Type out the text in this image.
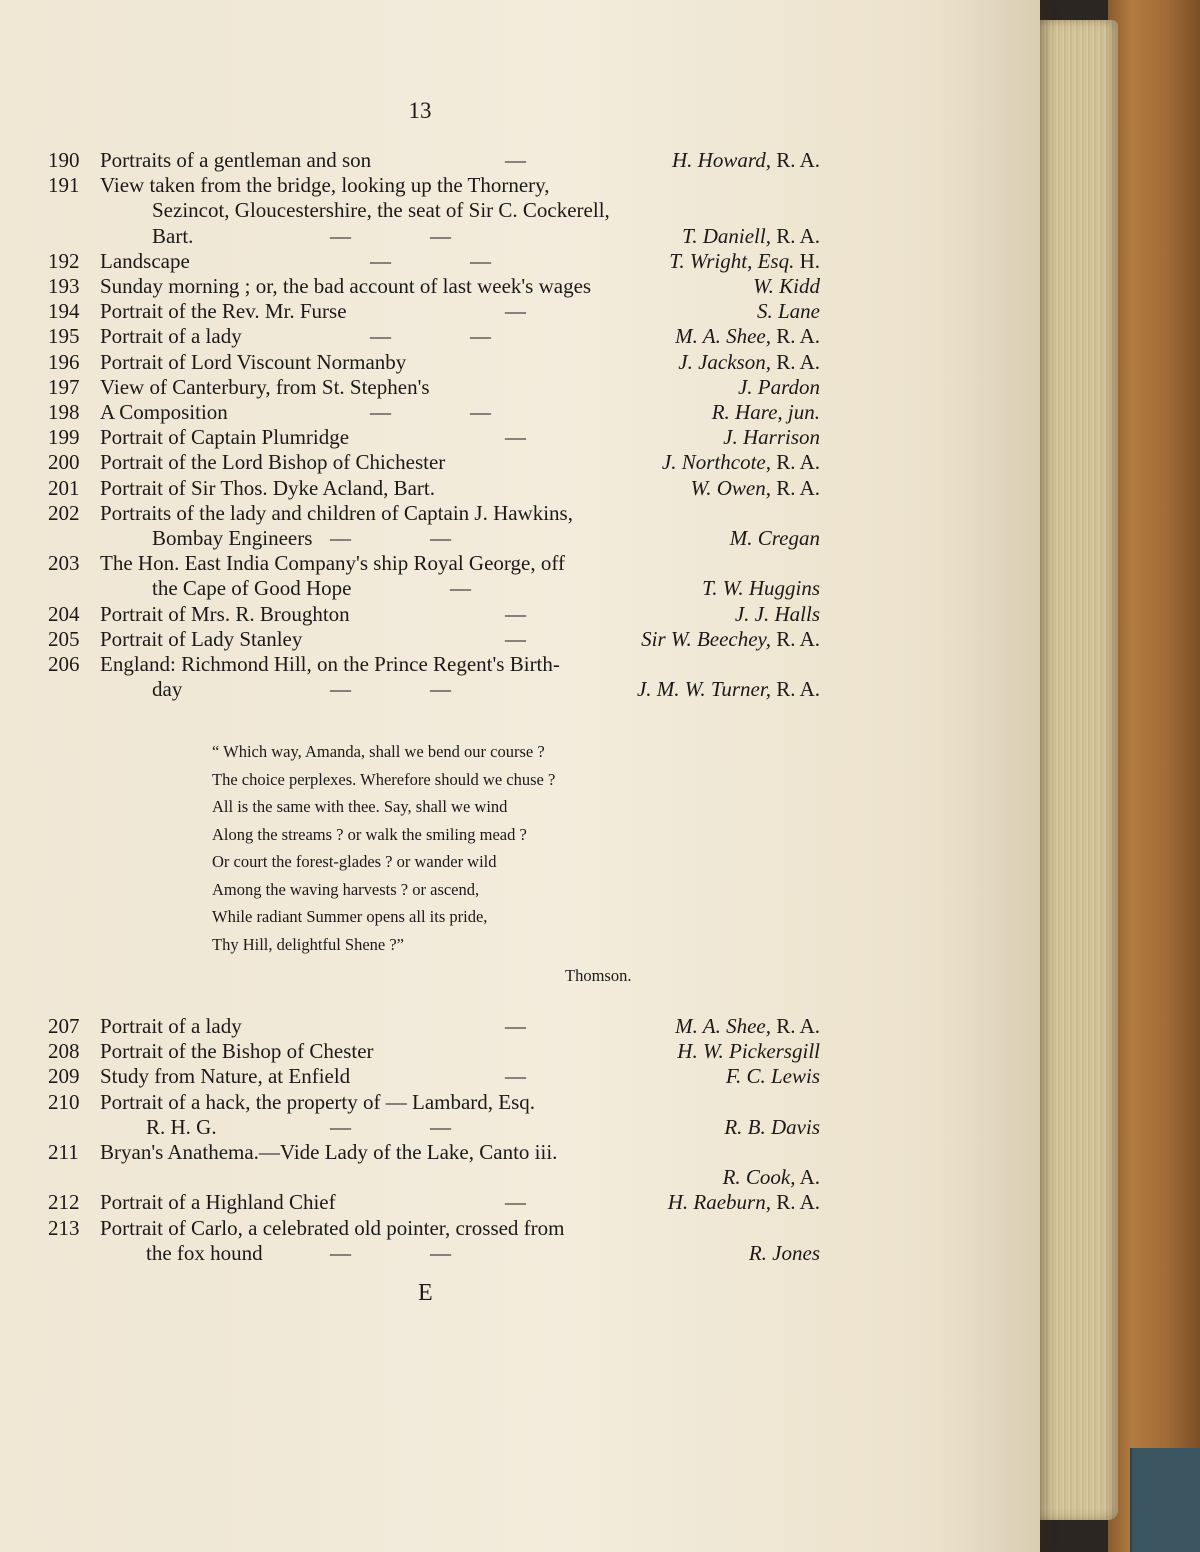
13
E
190 Portraits of a gentleman and son	—	H. Howard, R. A.
191 View taken from the bridge, looking up the Thornery,
Sezincot, Gloucestershire, the seat of Sir C. Cockerell,
Bart.	—	—	T. Daniell, R. A.
192 Landscape	—	—	T. Wright, Esq. H.
193 Sunday morning ; or, the bad account of last week's wages	W. Kidd
194 Portrait of the Rev. Mr. Furse	—	S. Lane
195 Portrait of a lady	—	—	M. A. Shee, R. A.
196 Portrait of Lord Viscount Normanby	J. Jackson, R. A.
197 View of Canterbury, from St. Stephen's	J. Pardon
198 A Composition	—	—	R. Hare, jun.
199 Portrait of Captain Plumridge	—	J. Harrison
200 Portrait of the Lord Bishop of Chichester	J. Northcote, R. A.
201 Portrait of Sir Thos. Dyke Acland, Bart.	W. Owen, R. A.
202 Portraits of the lady and children of Captain J. Hawkins,
Bombay Engineers —	—	M. Cregan
203 The Hon. East India Company's ship Royal George, off
the Cape of Good Hope	—	T. W. Huggins
204 Portrait of Mrs. R. Broughton	—	J. J. Halls
205 Portrait of Lady Stanley	—	Sir W. Beechey, R. A.
206 England: Richmond Hill, on the Prince Regent's Birth-
day	—	—	J. M. W. Turner, R. A.
207 Portrait of a lady	—	M. A. Shee, R. A.
208 Portrait of the Bishop of Chester	H. W. Pickersgill
209 Study from Nature, at Enfield	—	F. C. Lewis
210 Portrait of a hack, the property of — Lambard, Esq.
R. H. G.	—	—	R. B. Davis
211	Bryan's Anathema.—Vide Lady of the Lake, Canto iii.
R. Cook, A.
212 Portrait of a Highland Chief	—	H. Raeburn, R. A.
213 Portrait of Carlo, a celebrated old pointer, crossed from
the fox hound	—	—	R. Jones
“ Which way, Amanda, shall we bend our course ?
The choice perplexes. Wherefore should we chuse ?
All is the same with thee. Say, shall we wind
Along the streams ? or walk the smiling mead ?
Or court the forest-glades ? or wander wild
Among the waving harvests ? or ascend,
While radiant Summer opens all its pride,
Thy Hill, delightful Shene ?”
Thomson.
